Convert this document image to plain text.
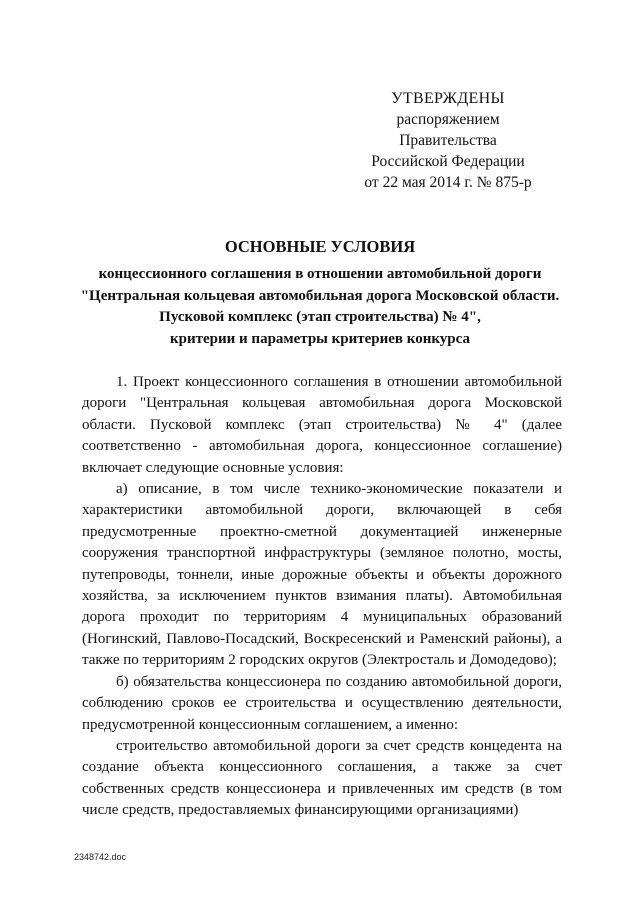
УТВЕРЖДЕНЫ
распоряжением Правительства
Российской Федерации
от 22 мая 2014 г. № 875-р
ОСНОВНЫЕ УСЛОВИЯ
концессионного соглашения в отношении автомобильной дороги
"Центральная кольцевая автомобильная дорога Московской области.
Пусковой комплекс (этап строительства) № 4",
критерии и параметры критериев конкурса

1. Проект концессионного соглашения в отношении автомобильной дороги "Центральная кольцевая автомобильная дорога Московской области. Пусковой комплекс (этап строительства) № 4" (далее соответственно - автомобильная дорога, концессионное соглашение) включает следующие основные условия:

а) описание, в том числе технико-экономические показатели и характеристики автомобильной дороги, включающей в себя предусмотренные проектно-сметной документацией инженерные сооружения транспортной инфраструктуры (земляное полотно, мосты, путепроводы, тоннели, иные дорожные объекты и объекты дорожного хозяйства, за исключением пунктов взимания платы). Автомобильная дорога проходит по территориям 4 муниципальных образований (Ногинский, Павлово-Посадский, Воскресенский и Раменский районы), а также по территориям 2 городских округов (Электросталь и Домодедово);

б) обязательства концессионера по созданию автомобильной дороги, соблюдению сроков ее строительства и осуществлению деятельности, предусмотренной концессионным соглашением, а именно:

строительство автомобильной дороги за счет средств концедента на создание объекта концессионного соглашения, а также за счет собственных средств концессионера и привлеченных им средств (в том числе средств, предоставляемых финансирующими организациями)

2348742.doc
